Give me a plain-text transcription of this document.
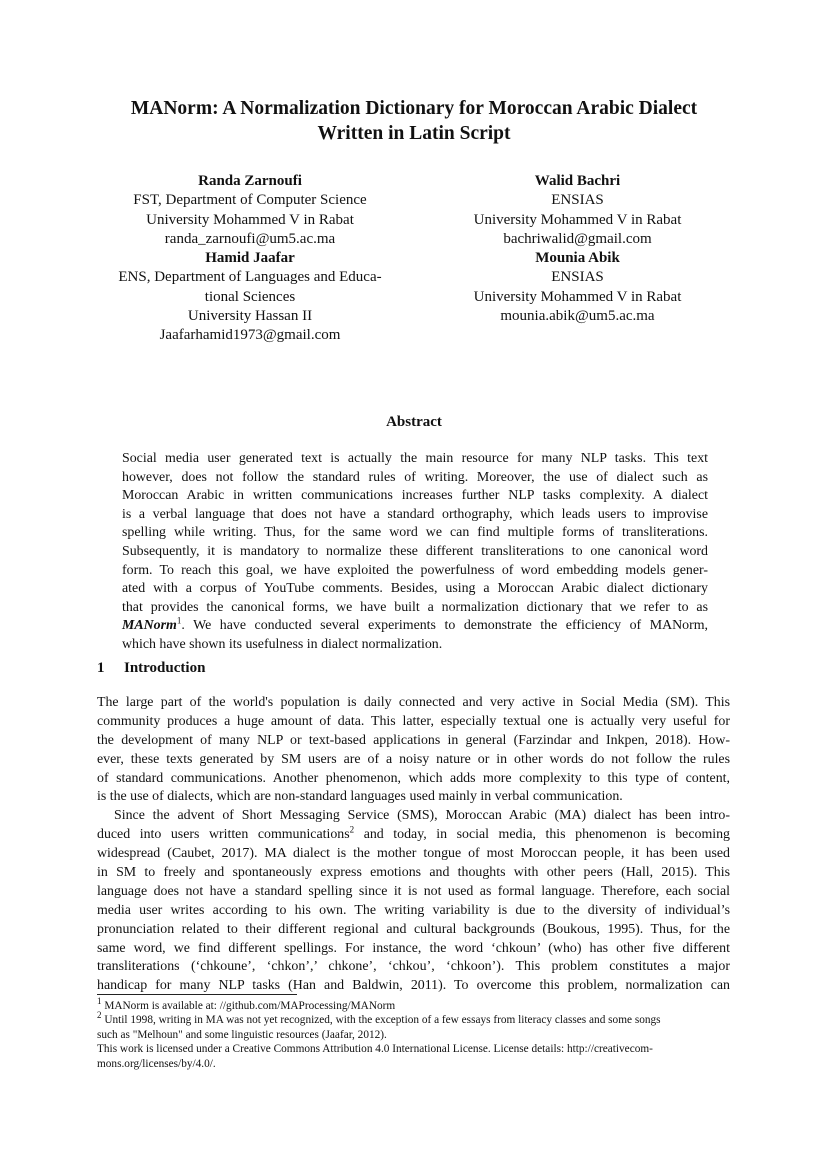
MANorm: A Normalization Dictionary for Moroccan Arabic Dialect
Written in Latin Script
Randa Zarnoufi
FST, Department of Computer Science
University Mohammed V in Rabat
randa_zarnoufi@um5.ac.ma
Hamid Jaafar
ENS, Department of Languages and Educa-
tional Sciences
University Hassan II
Jaafarhamid1973@gmail.com
Walid Bachri
ENSIAS
University Mohammed V in Rabat
bachriwalid@gmail.com
Mounia Abik
ENSIAS
University Mohammed V in Rabat
mounia.abik@um5.ac.ma
Abstract
Social media user generated text is actually the main resource for many NLP tasks. This text
however, does not follow the standard rules of writing. Moreover, the use of dialect such as
Moroccan Arabic in written communications increases further NLP tasks complexity. A dialect
is a verbal language that does not have a standard orthography, which leads users to improvise
spelling while writing. Thus, for the same word we can find multiple forms of transliterations.
Subsequently, it is mandatory to normalize these different transliterations to one canonical word
form. To reach this goal, we have exploited the powerfulness of word embedding models gener-
ated with a corpus of YouTube comments. Besides, using a Moroccan Arabic dialect dictionary
that provides the canonical forms, we have built a normalization dictionary that we refer to as
MANorm$^1$. We have conducted several experiments to demonstrate the efficiency of MANorm,
which have shown its usefulness in dialect normalization.
1 Introduction
The large part of the world's population is daily connected and very active in Social Media (SM). This
community produces a huge amount of data. This latter, especially textual one is actually very useful for
the development of many NLP or text-based applications in general (Farzindar and Inkpen, 2018). How-
ever, these texts generated by SM users are of a noisy nature or in other words do not follow the rules
of standard communications. Another phenomenon, which adds more complexity to this type of content,
is the use of dialects, which are non-standard languages used mainly in verbal communication.
Since the advent of Short Messaging Service (SMS), Moroccan Arabic (MA) dialect has been intro-
duced into users written communications$^2$ and today, in social media, this phenomenon is becoming
widespread (Caubet, 2017). MA dialect is the mother tongue of most Moroccan people, it has been used
in SM to freely and spontaneously express emotions and thoughts with other peers (Hall, 2015). This
language does not have a standard spelling since it is not used as formal language. Therefore, each social
media user writes according to his own. The writing variability is due to the diversity of individual’s
pronunciation related to their different regional and cultural backgrounds (Boukous, 1995). Thus, for the
same word, we find different spellings. For instance, the word ‘chkoun’ (who) has other five different
transliterations (‘chkoune’, ‘chkon’,’ chkone’, ‘chkou’, ‘chkoon’). This problem constitutes a major
handicap for many NLP tasks (Han and Baldwin, 2011). To overcome this problem, normalization can
$^1$ MANorm is available at: //github.com/MAProcessing/MANorm
$^2$ Until 1998, writing in MA was not yet recognized, with the exception of a few essays from literacy classes and some songs
such as "Melhoun" and some linguistic resources (Jaafar, 2012).
This work is licensed under a Creative Commons Attribution 4.0 International License. License details: http://creativecom-
mons.org/licenses/by/4.0/.
